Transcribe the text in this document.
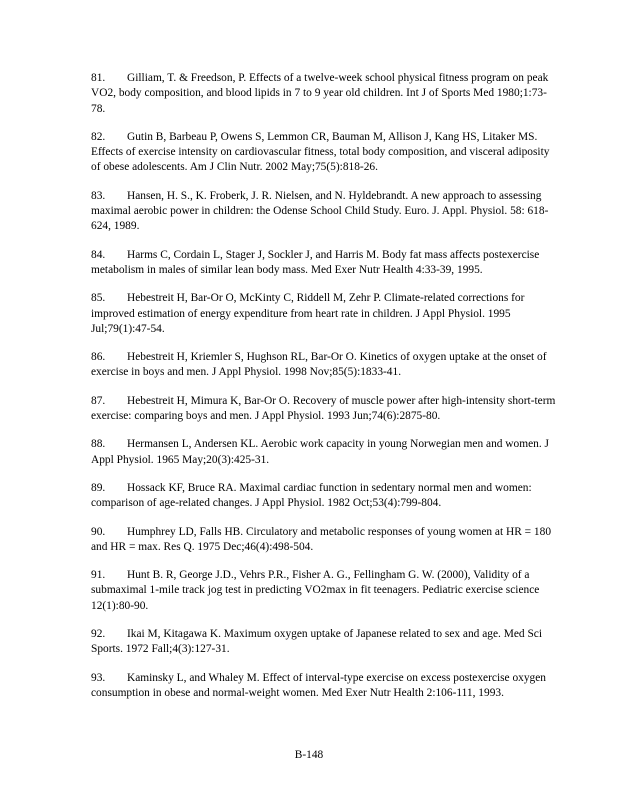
81. Gilliam, T. & Freedson, P. Effects of a twelve-week school physical fitness program on peak VO2, body composition, and blood lipids in 7 to 9 year old children. Int J of Sports Med 1980;1:73-78.
82. Gutin B, Barbeau P, Owens S, Lemmon CR, Bauman M, Allison J, Kang HS, Litaker MS. Effects of exercise intensity on cardiovascular fitness, total body composition, and visceral adiposity of obese adolescents. Am J Clin Nutr. 2002 May;75(5):818-26.
83. Hansen, H. S., K. Froberk, J. R. Nielsen, and N. Hyldebrandt. A new approach to assessing maximal aerobic power in children: the Odense School Child Study. Euro. J. Appl. Physiol. 58: 618-624, 1989.
84. Harms C, Cordain L, Stager J, Sockler J, and Harris M. Body fat mass affects postexercise metabolism in males of similar lean body mass. Med Exer Nutr Health 4:33-39, 1995.
85. Hebestreit H, Bar-Or O, McKinty C, Riddell M, Zehr P. Climate-related corrections for improved estimation of energy expenditure from heart rate in children. J Appl Physiol. 1995 Jul;79(1):47-54.
86. Hebestreit H, Kriemler S, Hughson RL, Bar-Or O. Kinetics of oxygen uptake at the onset of exercise in boys and men. J Appl Physiol. 1998 Nov;85(5):1833-41.
87. Hebestreit H, Mimura K, Bar-Or O. Recovery of muscle power after high-intensity short-term exercise: comparing boys and men. J Appl Physiol. 1993 Jun;74(6):2875-80.
88. Hermansen L, Andersen KL. Aerobic work capacity in young Norwegian men and women. J Appl Physiol. 1965 May;20(3):425-31.
89. Hossack KF, Bruce RA. Maximal cardiac function in sedentary normal men and women: comparison of age-related changes. J Appl Physiol. 1982 Oct;53(4):799-804.
90. Humphrey LD, Falls HB. Circulatory and metabolic responses of young women at HR = 180 and HR = max. Res Q. 1975 Dec;46(4):498-504.
91. Hunt B. R, George J.D., Vehrs P.R., Fisher A. G., Fellingham G. W. (2000), Validity of a submaximal 1-mile track jog test in predicting VO2max in fit teenagers. Pediatric exercise science 12(1):80-90.
92. Ikai M, Kitagawa K. Maximum oxygen uptake of Japanese related to sex and age. Med Sci Sports. 1972 Fall;4(3):127-31.
93. Kaminsky L, and Whaley M. Effect of interval-type exercise on excess postexercise oxygen consumption in obese and normal-weight women. Med Exer Nutr Health 2:106-111, 1993.
B-148
